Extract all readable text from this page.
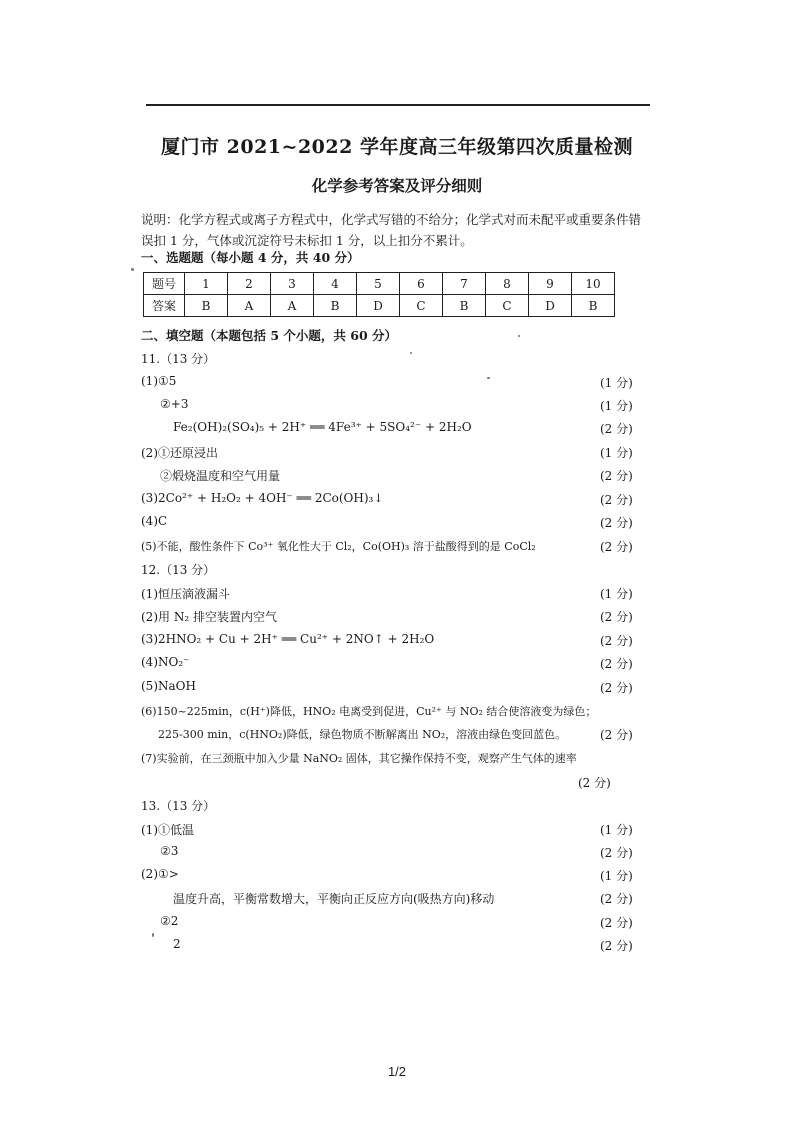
厦门市 2021~2022 学年度高三年级第四次质量检测
化学参考答案及评分细则
说明：化学方程式或离子方程式中，化学式写错的不给分；化学式对而未配平或重要条件错
误扣 1 分，气体或沉淀符号未标扣 1 分，以上扣分不累计。
一、选题题（每小题 4 分，共 40 分）
题号	1	2	3	4	5	6	7	8	9	10
答案	B	A	A	B	D	C	B	C	D	B
二、填空题（本题包括 5 个小题，共 60 分）
11.（13 分）
(1)①5	(1 分)
②+3	(1 分)
Fe₂(OH)₂(SO₄)₅ + 2H⁺ ══ 4Fe³⁺ + 5SO₄²⁻ + 2H₂O	(2 分)
(2)①还原浸出	(1 分)
②煅烧温度和空气用量	(2 分)
(3)2Co²⁺ + H₂O₂ + 4OH⁻ ══ 2Co(OH)₃↓	(2 分)
(4)C	(2 分)
(5)不能，酸性条件下 Co³⁺ 氧化性大于 Cl₂，Co(OH)₃ 溶于盐酸得到的是 CoCl₂	(2 分)
12.（13 分）
(1)恒压滴液漏斗	(1 分)
(2)用 N₂ 排空装置内空气	(2 分)
(3)2HNO₂ + Cu + 2H⁺ ══ Cu²⁺ + 2NO↑ + 2H₂O	(2 分)
(4)NO₂⁻	(2 分)
(5)NaOH	(2 分)
(6)150~225min，c(H⁺)降低，HNO₂ 电离受到促进，Cu²⁺ 与 NO₂ 结合使溶液变为绿色；
225-300 min，c(HNO₂)降低，绿色物质不断解离出 NO₂，溶液由绿色变回蓝色。	(2 分)
(7)实验前，在三颈瓶中加入少量 NaNO₂ 固体，其它操作保持不变，观察产生气体的速率
(2 分)
13.（13 分）
(1)①低温	(1 分)
②3	(2 分)
(2)①>	(1 分)
温度升高，平衡常数增大，平衡向正反应方向(吸热方向)移动	(2 分)
②2	(2 分)
2	(2 分)
1/2
